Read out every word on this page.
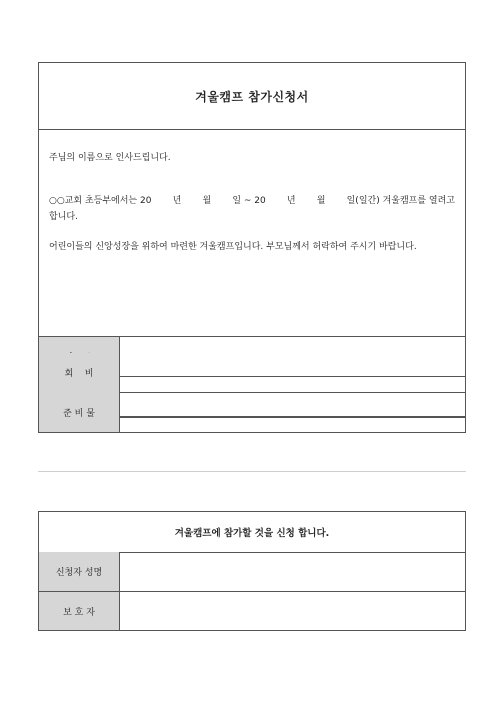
겨울캠프 참가신청서
주님의 이름으로 인사드립니다.
○○교회 초등부에서는 20 년 월 일 ~ 20 년 월 일(일간) 겨울캠프를 열려고
합니다.
어린이들의 신앙성장을 위하여 마련한 겨울캠프입니다. 부모님께서 허락하여 주시기 바랍니다.
회    비
준 비 물
겨울캠프에 참가할 것을 신청 합니다.
신청자 성명
보 호 자
